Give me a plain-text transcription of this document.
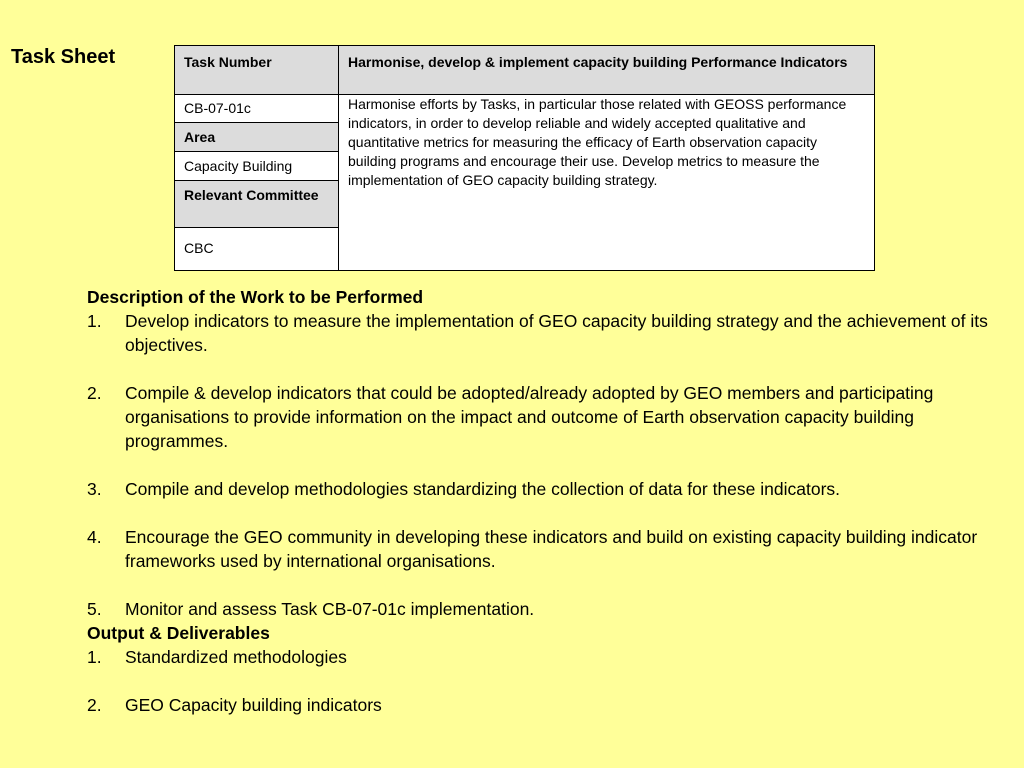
Task Sheet	Task Number	Harmonise, develop & implement capacity building Performance Indicators
CB-07-01c	Harmonise efforts by Tasks, in particular those related with GEOSS performance indicators, in order to develop reliable and widely accepted qualitative and quantitative metrics for measuring the efficacy of Earth observation capacity building programs and encourage their use. Develop metrics to measure the implementation of GEO capacity building strategy.
Area	
Capacity Building	
Relevant Committee	
CBC	
Description of the Work to be Performed
1. Develop indicators to measure the implementation of GEO capacity building strategy and the achievement of its objectives.
2. Compile & develop indicators that could be adopted/already adopted by GEO members and participating organisations to provide information on the impact and outcome of Earth observation capacity building programmes.
3. Compile and develop methodologies standardizing the collection of data for these indicators.
4. Encourage the GEO community in developing these indicators and build on existing capacity building indicator frameworks used by international organisations.
5. Monitor and assess Task CB-07-01c implementation.
Output & Deliverables
1. Standardized methodologies
2. GEO Capacity building indicators
